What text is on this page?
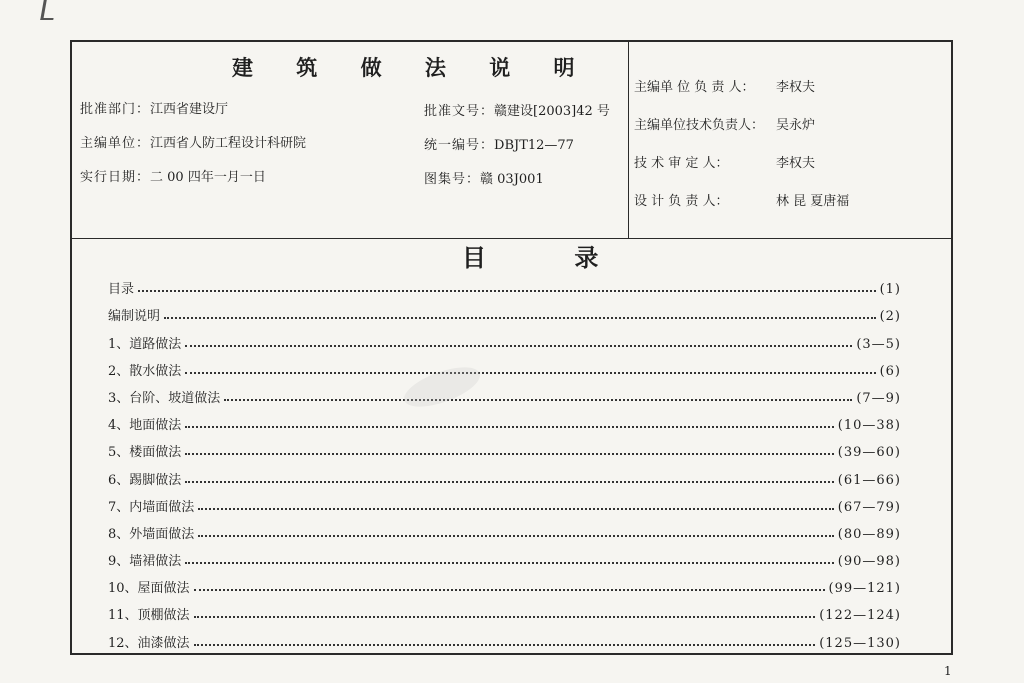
建 筑 做 法 说 明
批准部门：江西省建设厅
主编单位：江西省人防工程设计科研院
实行日期：二 00 四年一月一日
批准文号：赣建设[2003]42 号
统一编号：DBJT12—77
图集号：赣 03J001
主编单 位 负 责 人： 李权夫
主编单位技术负责人： 吴永炉
技 术 审 定 人：	李权夫
设 计 负 责 人：	林 昆 夏唐福
目 录
目录	(1)
编制说明	(2)
1、道路做法	(3—5)
2、散水做法	(6)
3、台阶、坡道做法	(7—9)
4、地面做法	(10—38)
5、楼面做法	(39—60)
6、踢脚做法	(61—66)
7、内墙面做法	(67—79)
8、外墙面做法	(80—89)
9、墙裙做法	(90—98)
10、屋面做法	(99—121)
11、顶棚做法	(122—124)
12、油漆做法	(125—130)
1
